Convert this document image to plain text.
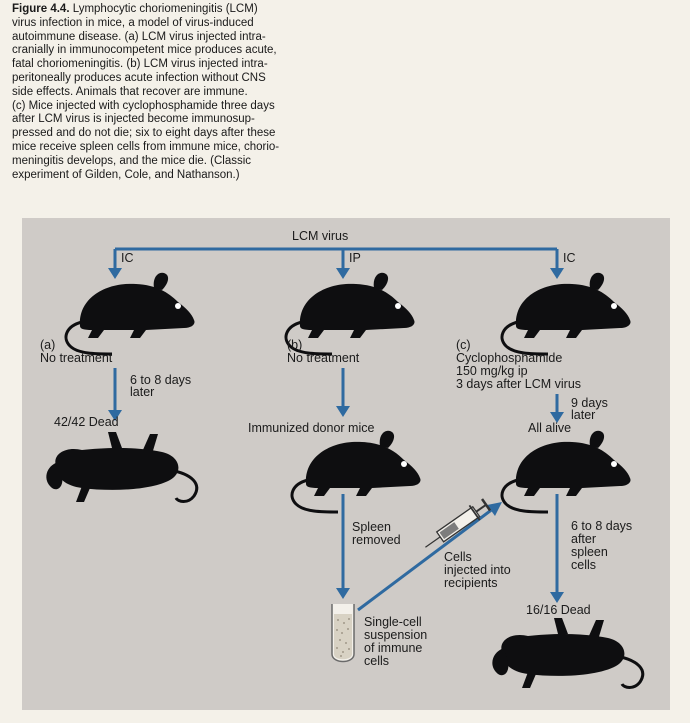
Figure 4.4. Lymphocytic choriomeningitis (LCM)
virus infection in mice, a model of virus-induced
autoimmune disease. (a) LCM virus injected intra-
cranially in immunocompetent mice produces acute,
fatal choriomeningitis. (b) LCM virus injected intra-
peritoneally produces acute infection without CNS
side effects. Animals that recover are immune.
(c) Mice injected with cyclophosphamide three days
after LCM virus is injected become immunosup-
pressed and do not die; six to eight days after these
mice receive spleen cells from immune mice, chorio-
meningitis develops, and the mice die. (Classic
experiment of Gilden, Cole, and Nathanson.)

LCM virus
IC	IP	IC
(a)
No treatment
6 to 8 days
later
42/42 Dead
(b)
No treatment
Immunized donor mice
Spleen
removed
Single-cell
suspension
of immune
cells
Cells
injected into
recipients
(c)
Cyclophosphamide
150 mg/kg ip
3 days after LCM virus
9 days
later
All alive
6 to 8 days
after
spleen
cells
16/16 Dead
